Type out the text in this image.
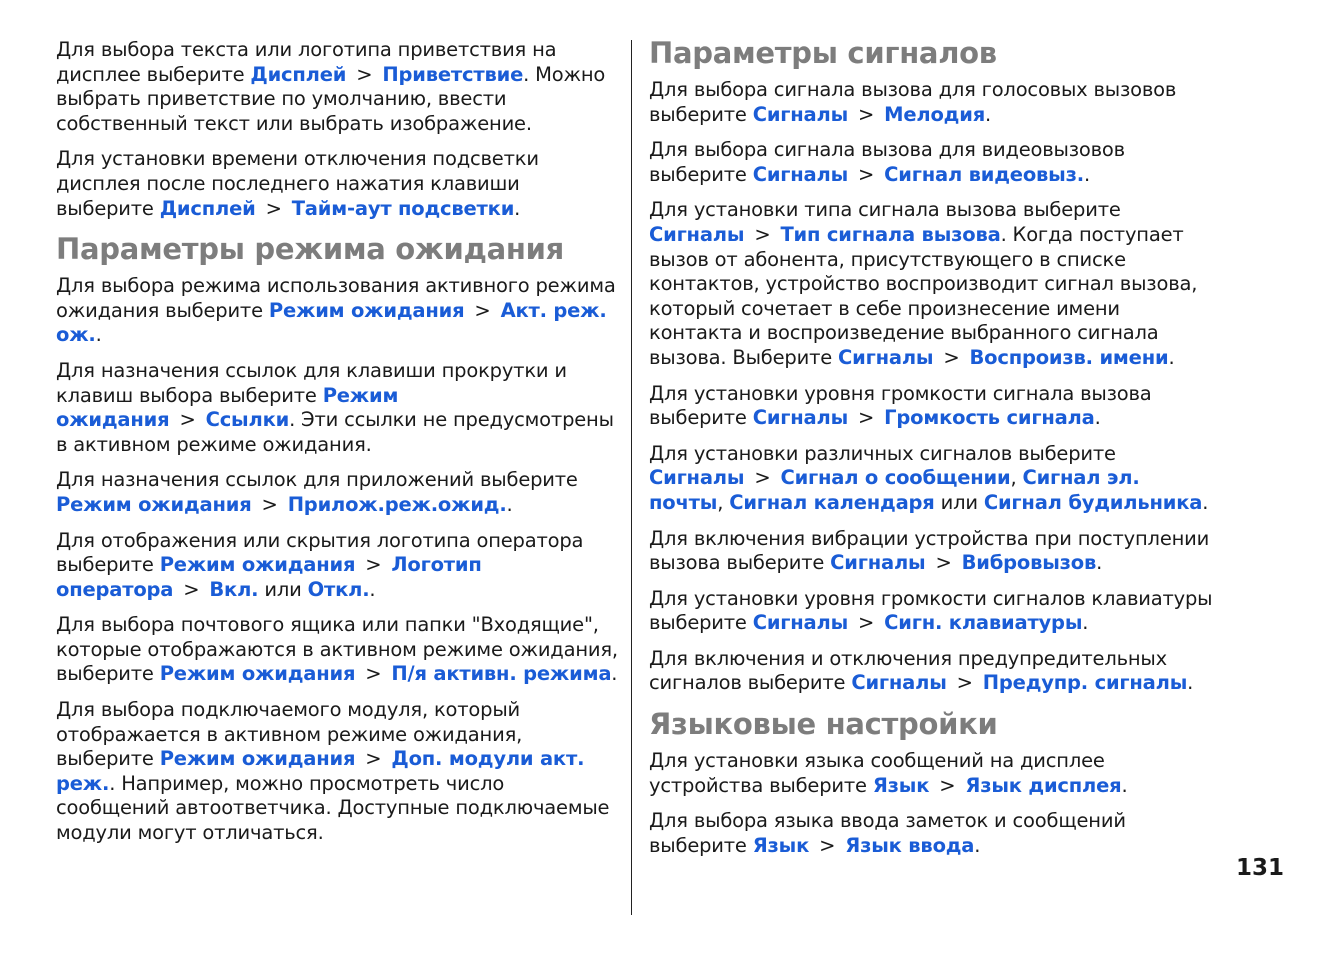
Для выбора текста или логотипа приветствия на дисплее выберите Дисплей > Приветствие. Можно выбрать приветствие по умолчанию, ввести собственный текст или выбрать изображение.

Для установки времени отключения подсветки дисплея после последнего нажатия клавиши выберите Дисплей > Тайм-аут подсветки.

Параметры режима ожидания

Для выбора режима использования активного режима ожидания выберите Режим ожидания > Акт. реж. ож..

Для назначения ссылок для клавиши прокрутки и клавиш выбора выберите Режим ожидания > Ссылки. Эти ссылки не предусмотрены в активном режиме ожидания.

Для назначения ссылок для приложений выберите Режим ожидания > Прилож.реж.ожид..

Для отображения или скрытия логотипа оператора выберите Режим ожидания > Логотип оператора > Вкл. или Откл..

Для выбора почтового ящика или папки "Входящие", которые отображаются в активном режиме ожидания, выберите Режим ожидания > П/я активн. режима.

Для выбора подключаемого модуля, который отображается в активном режиме ожидания, выберите Режим ожидания > Доп. модули акт. реж.. Например, можно просмотреть число сообщений автоответчика. Доступные подключаемые модули могут отличаться.

Параметры сигналов

Для выбора сигнала вызова для голосовых вызовов выберите Сигналы > Мелодия.

Для выбора сигнала вызова для видеовызовов выберите Сигналы > Сигнал видеовыз..

Для установки типа сигнала вызова выберите Сигналы > Тип сигнала вызова. Когда поступает вызов от абонента, присутствующего в списке контактов, устройство воспроизводит сигнал вызова, который сочетает в себе произнесение имени контакта и воспроизведение выбранного сигнала вызова. Выберите Сигналы > Воспроизв. имени.

Для установки уровня громкости сигнала вызова выберите Сигналы > Громкость сигнала.

Для установки различных сигналов выберите Сигналы > Сигнал о сообщении, Сигнал эл. почты, Сигнал календаря или Сигнал будильника.

Для включения вибрации устройства при поступлении вызова выберите Сигналы > Вибровызов.

Для установки уровня громкости сигналов клавиатуры выберите Сигналы > Сигн. клавиатуры.

Для включения и отключения предупредительных сигналов выберите Сигналы > Предупр. сигналы.

Языковые настройки

Для установки языка сообщений на дисплее устройства выберите Язык > Язык дисплея.

Для выбора языка ввода заметок и сообщений выберите Язык > Язык ввода.

131
